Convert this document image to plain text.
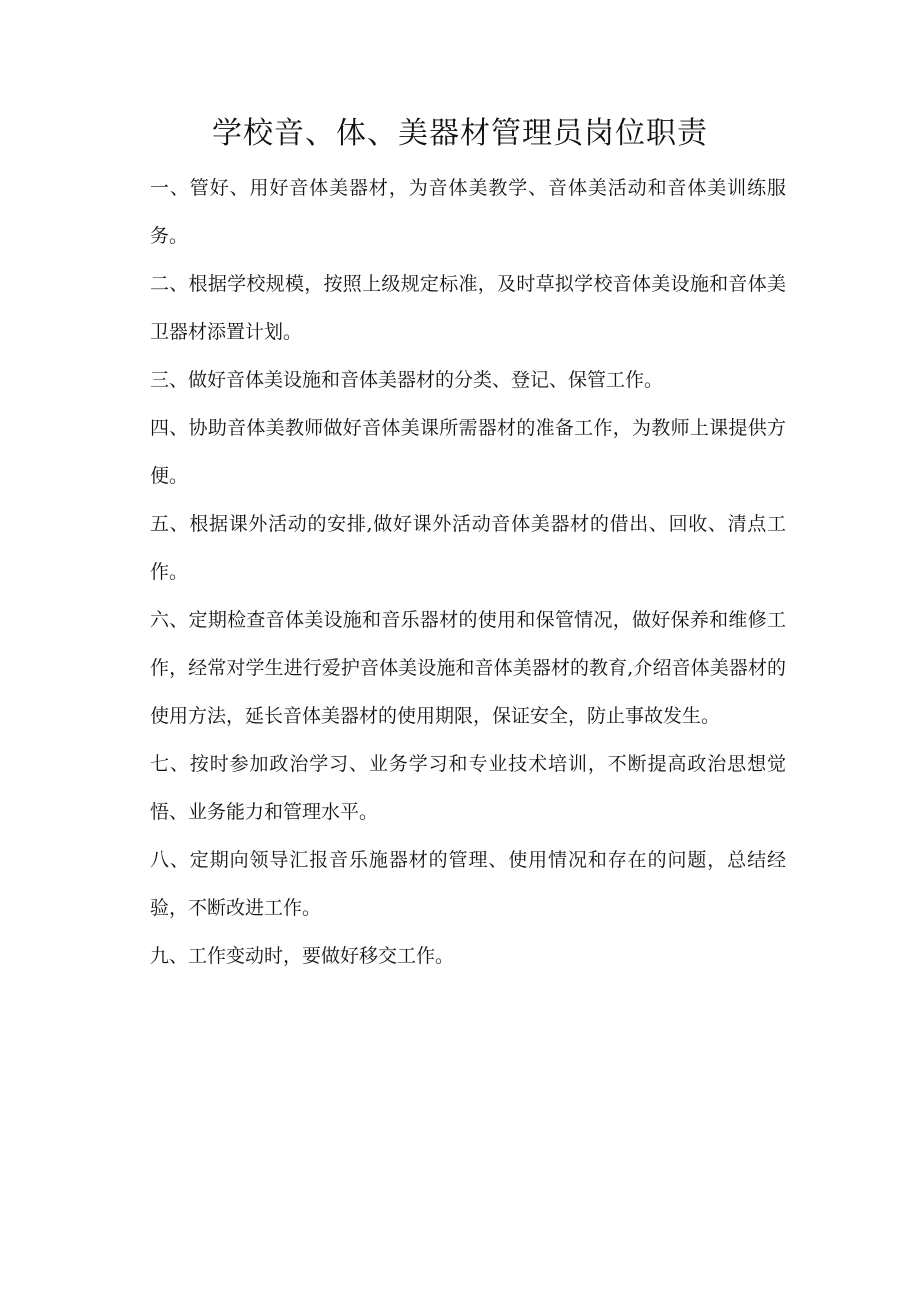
学校音、体、美器材管理员岗位职责
一、管好、用好音体美器材，为音体美教学、音体美活动和音体美训练服务。
二、根据学校规模，按照上级规定标准，及时草拟学校音体美设施和音体美卫器材添置计划。
三、做好音体美设施和音体美器材的分类、登记、保管工作。
四、协助音体美教师做好音体美课所需器材的准备工作，为教师上课提供方便。
五、根据课外活动的安排,做好课外活动音体美器材的借出、回收、清点工作。
六、定期检查音体美设施和音乐器材的使用和保管情况，做好保养和维修工作，经常对学生进行爱护音体美设施和音体美器材的教育,介绍音体美器材的使用方法，延长音体美器材的使用期限，保证安全，防止事故发生。
七、按时参加政治学习、业务学习和专业技术培训，不断提高政治思想觉悟、业务能力和管理水平。
八、定期向领导汇报音乐施器材的管理、使用情况和存在的问题，总结经验，不断改进工作。
九、工作变动时，要做好移交工作。
